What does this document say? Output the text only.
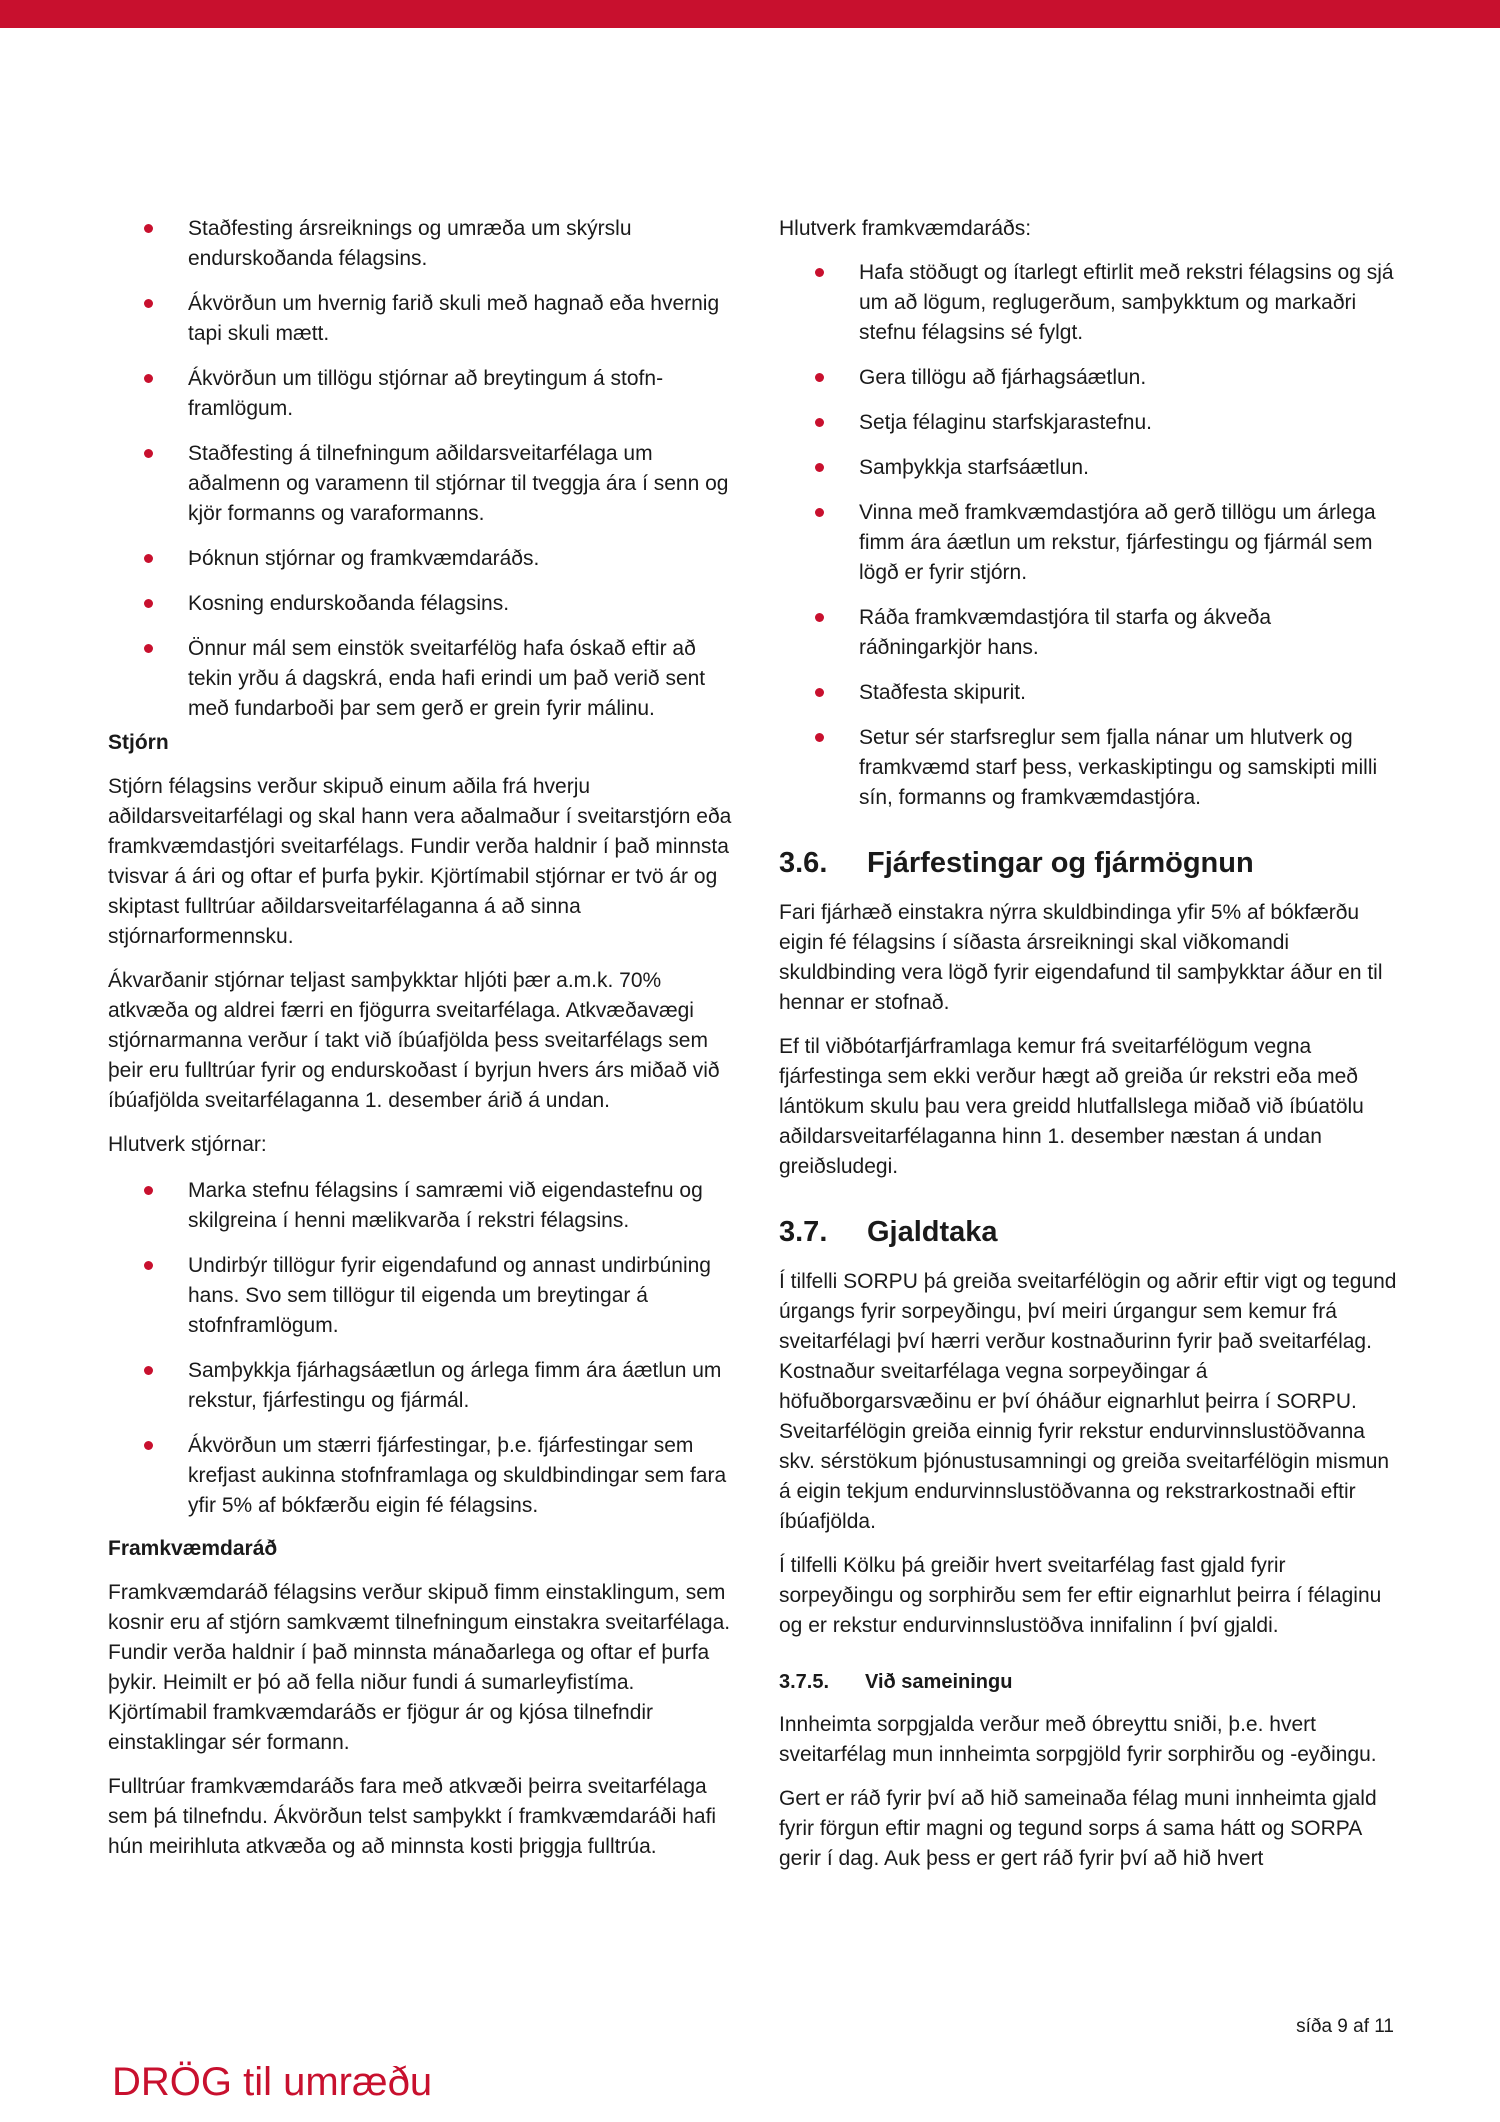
Staðfesting ársreiknings og umræða um skýrslu endurskoðanda félagsins.
Ákvörðun um hvernig farið skuli með hagnað eða hvernig tapi skuli mætt.
Ákvörðun um tillögu stjórnar að breytingum á stofn-framlögum.
Staðfesting á tilnefningum aðildarsveitarfélaga um aðalmenn og varamenn til stjórnar til tveggja ára í senn og kjör formanns og varaformanns.
Þóknun stjórnar og framkvæmdaráðs.
Kosning endurskoðanda félagsins.
Önnur mál sem einstök sveitarfélög hafa óskað eftir að tekin yrðu á dagskrá, enda hafi erindi um það verið sent með fundarboði þar sem gerð er grein fyrir málinu.

Stjórn

Stjórn félagsins verður skipuð einum aðila frá hverju aðildarsveitarfélagi og skal hann vera aðalmaður í sveitarstjórn eða framkvæmdastjóri sveitarfélags. Fundir verða haldnir í það minnsta tvisvar á ári og oftar ef þurfa þykir. Kjörtímabil stjórnar er tvö ár og skiptast fulltrúar aðildarsveitarfélaganna á að sinna stjórnarformennsku.

Ákvarðanir stjórnar teljast samþykktar hljóti þær a.m.k. 70% atkvæða og aldrei færri en fjögurra sveitarfélaga. Atkvæðavægi stjórnarmanna verður í takt við íbúafjölda þess sveitarfélags sem þeir eru fulltrúar fyrir og endurskoðast í byrjun hvers árs miðað við íbúafjölda sveitarfélaganna 1. desember árið á undan.

Hlutverk stjórnar:

Marka stefnu félagsins í samræmi við eigendastefnu og skilgreina í henni mælikvarða í rekstri félagsins.
Undirbýr tillögur fyrir eigendafund og annast undirbúning hans. Svo sem tillögur til eigenda um breytingar á stofnframlögum.
Samþykkja fjárhagsáætlun og árlega fimm ára áætlun um rekstur, fjárfestingu og fjármál.
Ákvörðun um stærri fjárfestingar, þ.e. fjárfestingar sem krefjast aukinna stofnframlaga og skuldbindingar sem fara yfir 5% af bókfærðu eigin fé félagsins.

Framkvæmdaráð

Framkvæmdaráð félagsins verður skipuð fimm einstaklingum, sem kosnir eru af stjórn samkvæmt tilnefningum einstakra sveitarfélaga. Fundir verða haldnir í það minnsta mánaðarlega og oftar ef þurfa þykir. Heimilt er þó að fella niður fundi á sumarleyfistíma. Kjörtímabil framkvæmdaráðs er fjögur ár og kjósa tilnefndir einstaklingar sér formann.

Fulltrúar framkvæmdaráðs fara með atkvæði þeirra sveitarfélaga sem þá tilnefndu. Ákvörðun telst samþykkt í framkvæmdaráði hafi hún meirihluta atkvæða og að minnsta kosti þriggja fulltrúa.

Hlutverk framkvæmdaráðs:

Hafa stöðugt og ítarlegt eftirlit með rekstri félagsins og sjá um að lögum, reglugerðum, samþykktum og markaðri stefnu félagsins sé fylgt.
Gera tillögu að fjárhagsáætlun.
Setja félaginu starfskjarastefnu.
Samþykkja starfsáætlun.
Vinna með framkvæmdastjóra að gerð tillögu um árlega fimm ára áætlun um rekstur, fjárfestingu og fjármál sem lögð er fyrir stjórn.
Ráða framkvæmdastjóra til starfa og ákveða ráðningarkjör hans.
Staðfesta skipurit.
Setur sér starfsreglur sem fjalla nánar um hlutverk og framkvæmd starf þess, verkaskiptingu og samskipti milli sín, formanns og framkvæmdastjóra.
3.6.	Fjárfestingar og fjármögnun

Fari fjárhæð einstakra nýrra skuldbindinga yfir 5% af bókfærðu eigin fé félagsins í síðasta ársreikningi skal viðkomandi skuldbinding vera lögð fyrir eigendafund til samþykktar áður en til hennar er stofnað.

Ef til viðbótarfjárframlaga kemur frá sveitarfélögum vegna fjárfestinga sem ekki verður hægt að greiða úr rekstri eða með lántökum skulu þau vera greidd hlutfallslega miðað við íbúatölu aðildarsveitarfélaganna hinn 1. desember næstan á undan greiðsludegi.

3.7.	Gjaldtaka

Í tilfelli SORPU þá greiða sveitarfélögin og aðrir eftir vigt og tegund úrgangs fyrir sorpeyðingu, því meiri úrgangur sem kemur frá sveitarfélagi því hærri verður kostnaðurinn fyrir það sveitarfélag. Kostnaður sveitarfélaga vegna sorpeyðingar á höfuðborgarsvæðinu er því óháður eignarhlut þeirra í SORPU. Sveitarfélögin greiða einnig fyrir rekstur endurvinnslustöðvanna skv. sérstökum þjónustusamningi og greiða sveitarfélögin mismun á eigin tekjum endurvinnslustöðvanna og rekstrarkostnaði eftir íbúafjölda.

Í tilfelli Kölku þá greiðir hvert sveitarfélag fast gjald fyrir sorpeyðingu og sorphirðu sem fer eftir eignarhlut þeirra í félaginu og er rekstur endurvinnslustöðva innifalinn í því gjaldi.

3.7.5.	Við sameiningu

Innheimta sorpgjalda verður með óbreyttu sniði, þ.e. hvert sveitarfélag mun innheimta sorpgjöld fyrir sorphirðu og -eyðingu.

Gert er ráð fyrir því að hið sameinaða félag muni innheimta gjald fyrir förgun eftir magni og tegund sorps á sama hátt og SORPA gerir í dag. Auk þess er gert ráð fyrir því að hið hvert

síða 9 af 11
DRÖG til umræðu
